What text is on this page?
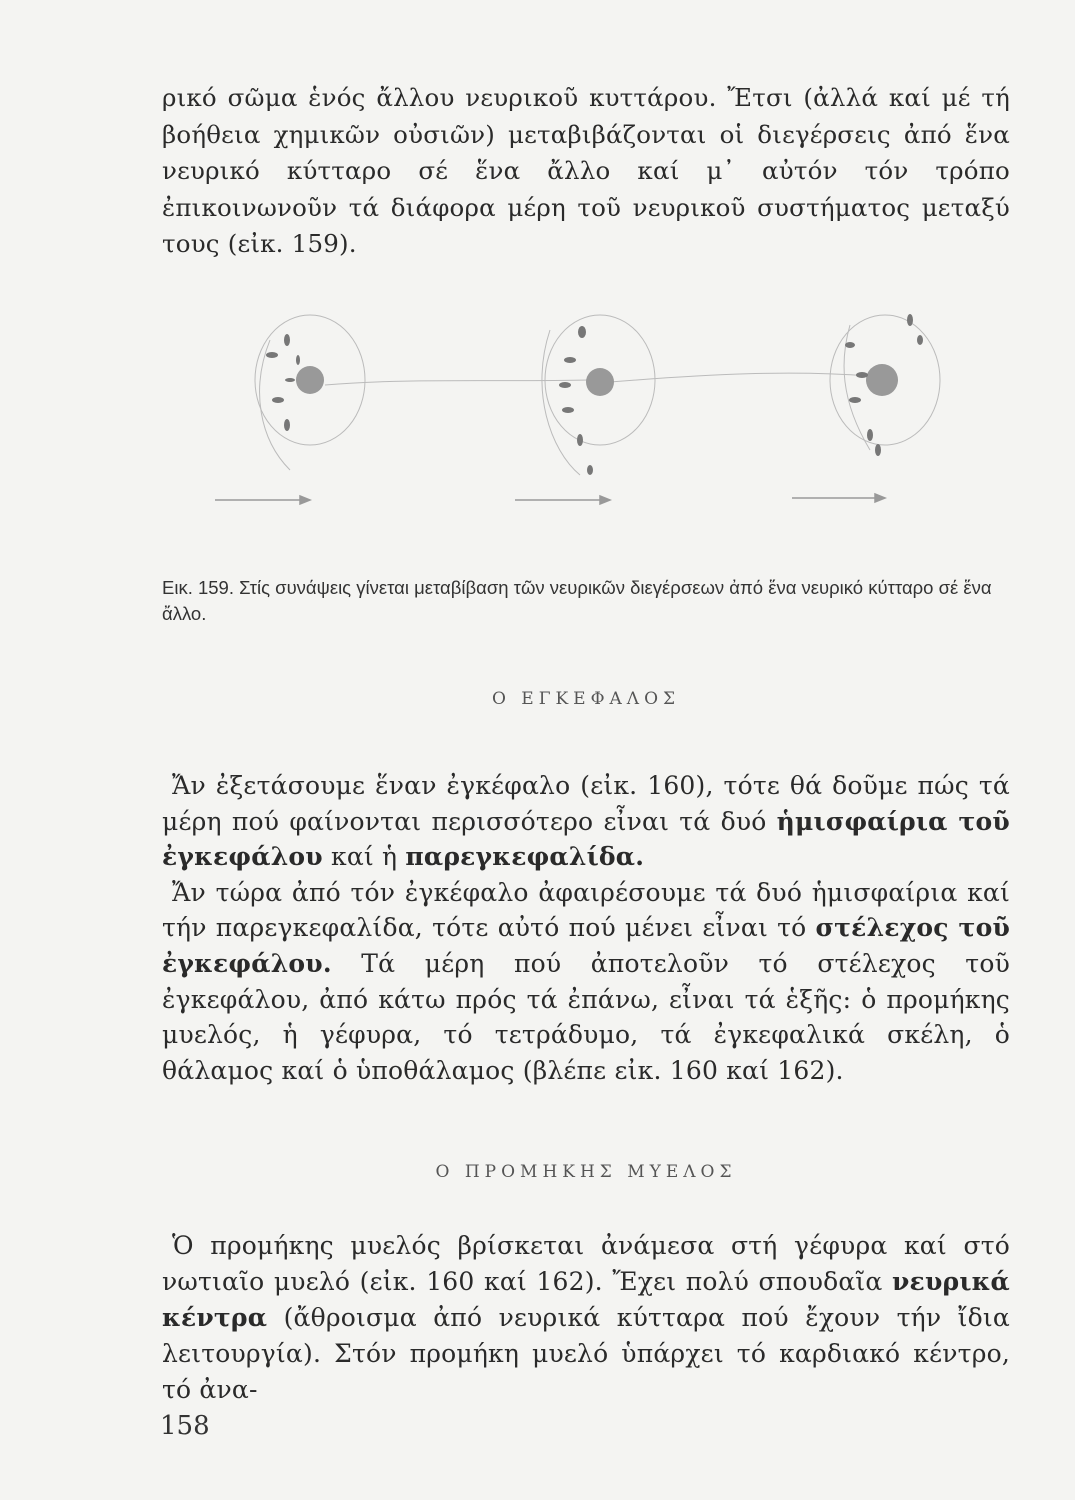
ρικό σῶμα ἑνός ἄλλου νευρικοῦ κυττάρου. Ἔτσι (ἀλλά καί μέ τή βοήθεια χημικῶν οὐσιῶν) μεταβιβάζονται οἱ διεγέρσεις ἀπό ἕνα νευρικό κύτταρο σέ ἕνα ἄλλο καί μ᾽ αὐτόν τόν τρόπο ἐπικοινωνοῦν τά διάφορα μέρη τοῦ νευρικοῦ συστήματος μεταξύ τους (εἰκ. 159).

Εικ. 159. Στίς συνάψεις γίνεται μεταβίβαση τῶν νευρικῶν διεγέρσεων ἀπό ἕνα νευρικό κύτταρο σέ ἕνα ἄλλο.
Ο ΕΓΚΕΦΑΛΟΣ

Ἄν ἐξετάσουμε ἕναν ἐγκέφαλο (εἰκ. 160), τότε θά δοῦμε πώς τά μέρη πού φαίνονται περισσότερο εἶναι τά δυό ἡμισφαίρια τοῦ ἐγκεφάλου καί ἡ παρεγκεφαλίδα.

Ἄν τώρα ἀπό τόν ἐγκέφαλο ἀφαιρέσουμε τά δυό ἡμισφαίρια καί τήν παρεγκεφαλίδα, τότε αὐτό πού μένει εἶναι τό στέλεχος τοῦ ἐγκεφάλου. Τά μέρη πού ἀποτελοῦν τό στέλεχος τοῦ ἐγκεφάλου, ἀπό κάτω πρός τά ἐπάνω, εἶναι τά ἑξῆς: ὁ προμήκης μυελός, ἡ γέφυρα, τό τετράδυμο, τά ἐγκεφαλικά σκέλη, ὁ θάλαμος καί ὁ ὑποθάλαμος (βλέπε εἰκ. 160 καί 162).

Ο ΠΡΟΜΗΚΗΣ ΜΥΕΛΟΣ

Ὁ προμήκης μυελός βρίσκεται ἀνάμεσα στή γέφυρα καί στό νωτιαῖο μυελό (εἰκ. 160 καί 162). Ἔχει πολύ σπουδαῖα νευρικά κέντρα (ἄθροισμα ἀπό νευρικά κύτταρα πού ἔχουν τήν ἴδια λειτουργία). Στόν προμήκη μυελό ὑπάρχει τό καρδιακό κέντρο, τό ἀνα-

158
